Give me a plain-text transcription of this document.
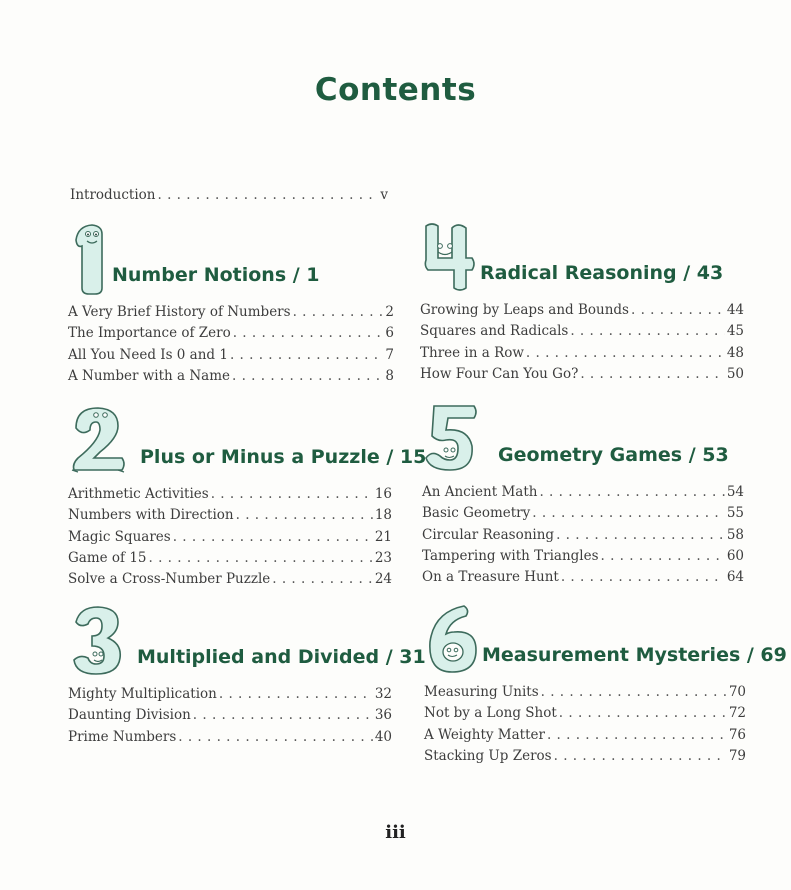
Contents
Introduction . . .	v
Number Notions / 1
A Very Brief History of Numbers . . .	2
The Importance of Zero . . .	6
All You Need Is 0 and 1 . . .	7
A Number with a Name . . .	8
Plus or Minus a Puzzle / 15
Arithmetic Activities . . .	16
Numbers with Direction . . .	18
Magic Squares . . .	21
Game of 15 . . .	23
Solve a Cross-Number Puzzle . . .	24
Multiplied and Divided / 31
Mighty Multiplication . . .	32
Daunting Division . . .	36
Prime Numbers . . .	40
Radical Reasoning / 43
Growing by Leaps and Bounds . . .	44
Squares and Radicals . . .	45
Three in a Row . . .	48
How Four Can You Go? . . .	50
Geometry Games / 53
An Ancient Math . . .	54
Basic Geometry . . .	55
Circular Reasoning . . .	58
Tampering with Triangles . . .	60
On a Treasure Hunt . . .	64
Measurement Mysteries / 69
Measuring Units . . .	70
Not by a Long Shot . . .	72
A Weighty Matter . . .	76
Stacking Up Zeros . . .	79
iii
